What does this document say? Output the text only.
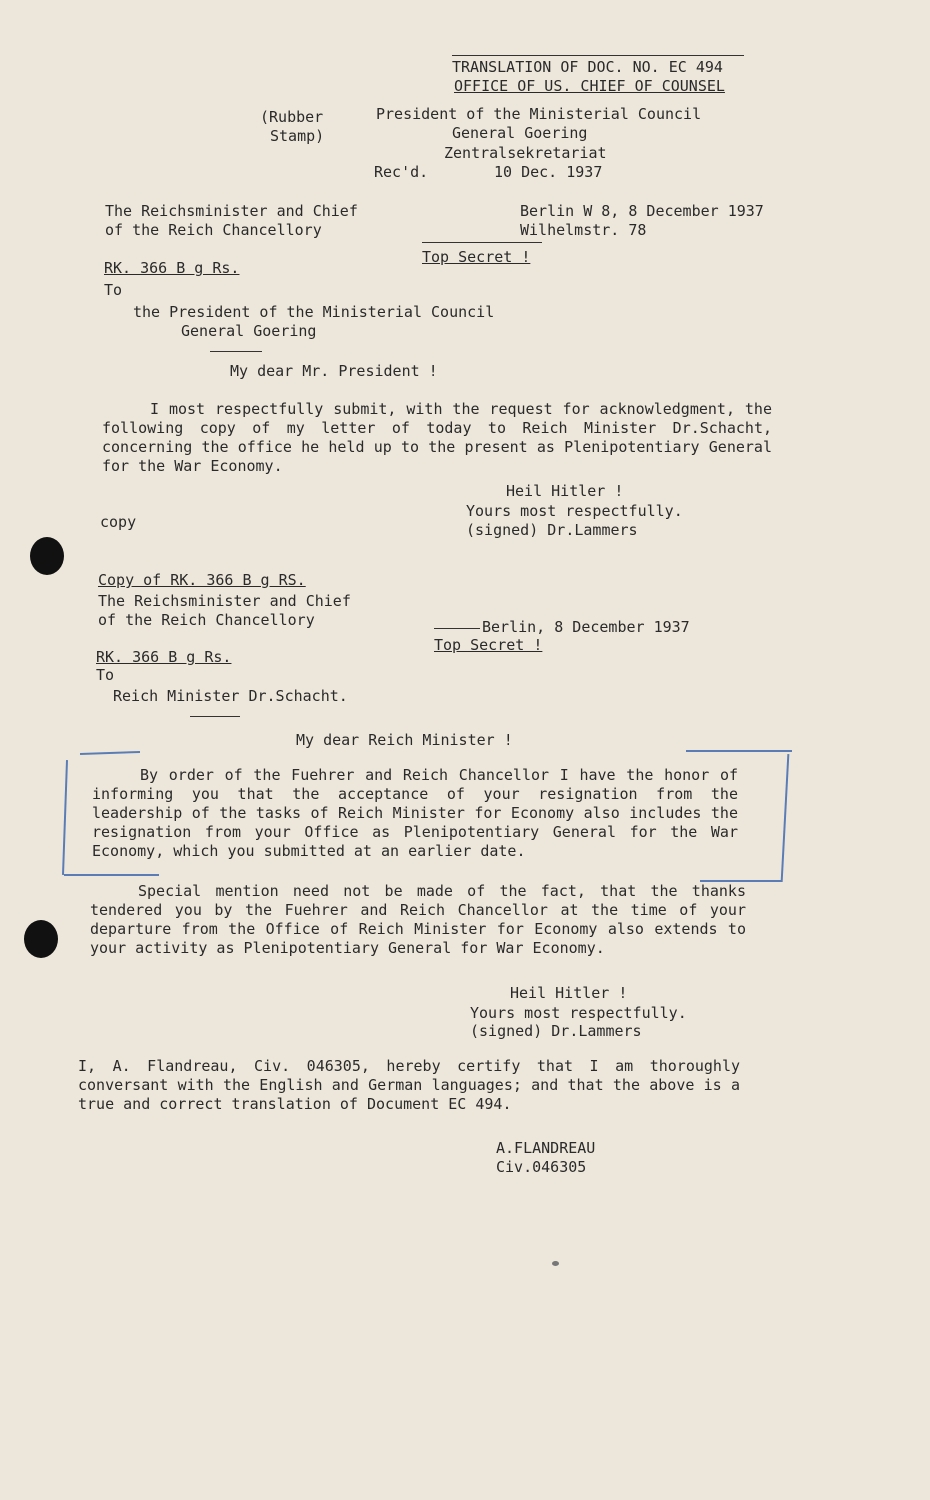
TRANSLATION OF DOC. NO. EC 494

OFFICE OF US. CHIEF OF COUNSEL

(Rubber

Stamp)

President of the Ministerial Council

General Goering

Zentralsekretariat

Rec'd.	10 Dec. 1937

The Reichsminister and Chief

of the Reich Chancellory

Berlin W 8, 8 December 1937

Wilhelmstr. 78

Top Secret !

RK. 366 B g Rs.

To

the President of the Ministerial Council

General Goering

My dear Mr. President !

I most respectfully submit, with the request for acknowledgment, the following copy of my letter of today to Reich Minister Dr.Schacht, concerning the office he held up to the present as Plenipotentiary General for the War Economy.

Heil Hitler !

Yours most respectfully.

(signed) Dr.Lammers

copy

Copy of RK. 366 B g RS.

The Reichsminister and Chief

of the Reich Chancellory	Berlin, 8 December 1937

Top Secret !

RK. 366 B g Rs.

To

Reich Minister Dr.Schacht.

My dear Reich Minister !

By order of the Fuehrer and Reich Chancellor I have the honor of informing you that the acceptance of your resignation from the leadership of the tasks of Reich Minister for Economy also includes the resignation from your Office as Plenipotentiary General for the War Economy, which you submitted at an earlier date.

Special mention need not be made of the fact, that the thanks tendered you by the Fuehrer and Reich Chancellor at the time of your departure from the Office of Reich Minister for Economy also extends to your activity as Plenipotentiary General for War Economy.

Heil Hitler !

Yours most respectfully.

(signed) Dr.Lammers

I, A. Flandreau, Civ. 046305, hereby certify that I am thoroughly conversant with the English and German languages; and that the above is a true and correct translation of Document EC 494.

A.FLANDREAU

Civ.046305
